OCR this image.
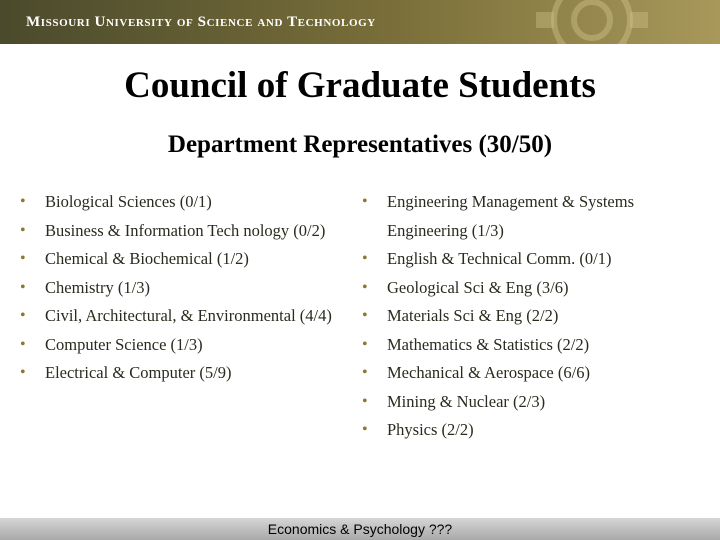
Missouri University of Science and Technology
Council of Graduate Students
Department Representatives (30/50)
•	Biological Sciences (0/1)
•	Business & Information Tech nology (0/2)
•	Chemical & Biochemical (1/2)
•	Chemistry (1/3)
•	Civil, Architectural, & Environmental (4/4)
•	Computer Science (1/3)
•	Electrical & Computer (5/9)
•	Engineering Management & Systems Engineering (1/3)
•	English & Technical Comm. (0/1)
•	Geological Sci & Eng (3/6)
•	Materials Sci & Eng (2/2)
•	Mathematics & Statistics (2/2)
•	Mechanical & Aerospace (6/6)
•	Mining & Nuclear (2/3)
•	Physics (2/2)
Economics & Psychology ???
